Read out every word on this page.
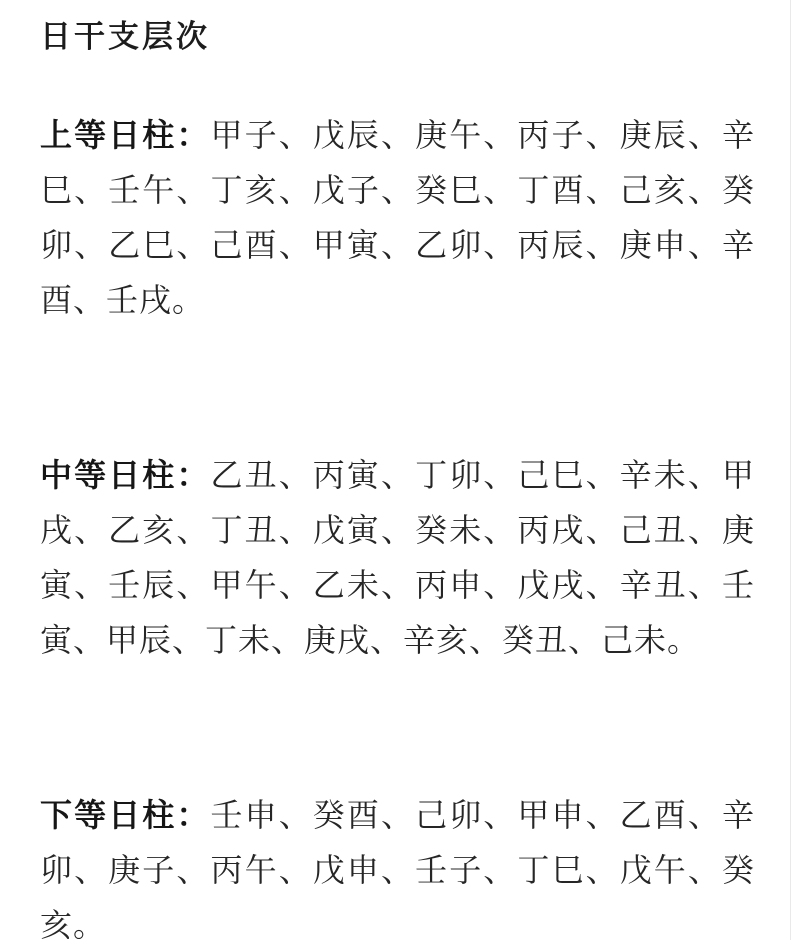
日干支层次

上等日柱：甲子、戊辰、庚午、丙子、庚辰、辛巳、壬午、丁亥、戊子、癸巳、丁酉、己亥、癸卯、乙巳、己酉、甲寅、乙卯、丙辰、庚申、辛酉、壬戌。

中等日柱：乙丑、丙寅、丁卯、己巳、辛未、甲戌、乙亥、丁丑、戊寅、癸未、丙戌、己丑、庚寅、壬辰、甲午、乙未、丙申、戊戌、辛丑、壬寅、甲辰、丁未、庚戌、辛亥、癸丑、己未。

下等日柱：壬申、癸酉、己卯、甲申、乙酉、辛卯、庚子、丙午、戊申、壬子、丁巳、戊午、癸亥。
